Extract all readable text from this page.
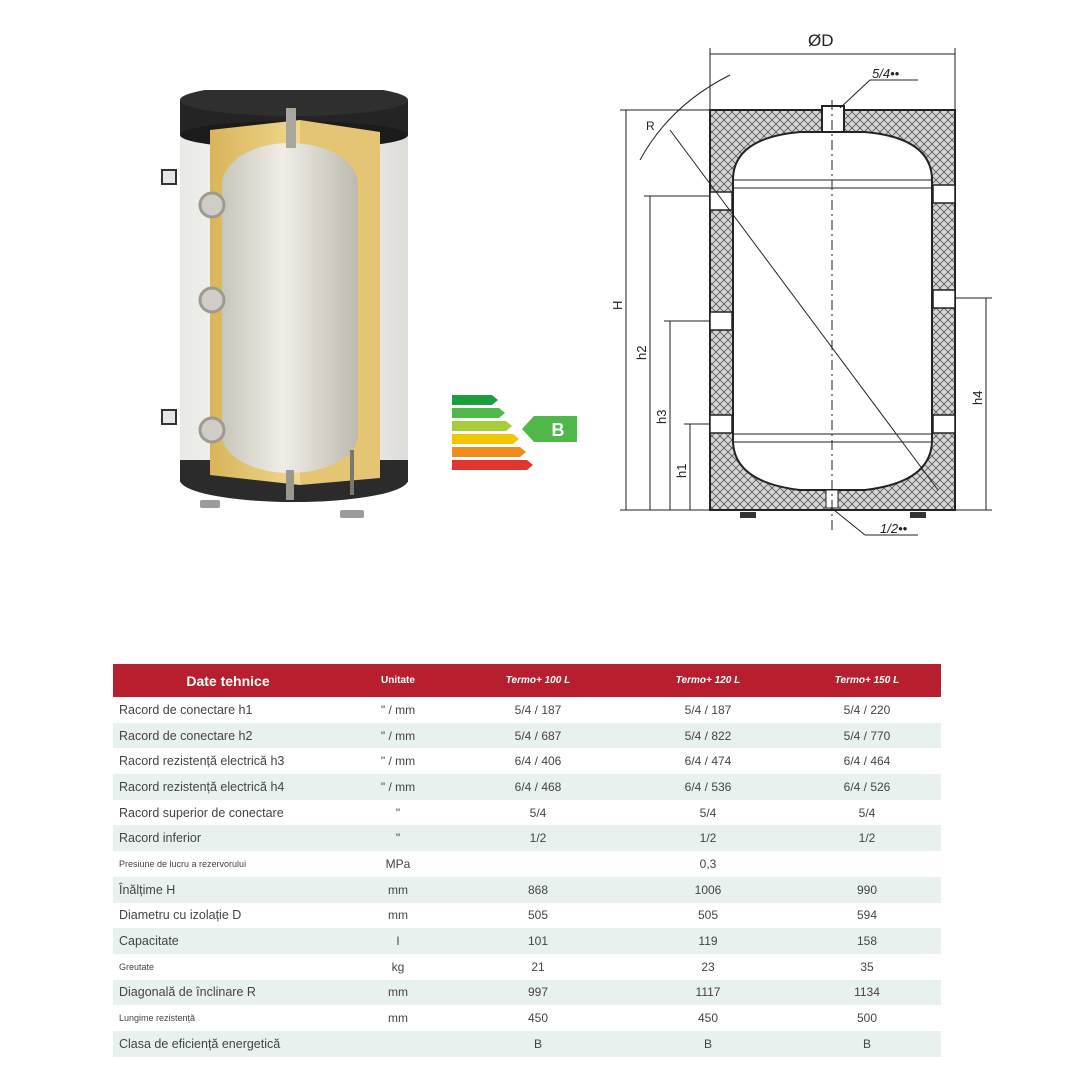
B
ØD
5/4••
1/2••
R
H
h2
h3
h1
h4
Date tehnice	Unitate	Termo+ 100 L	Termo+ 120 L	Termo+ 150 L
Racord de conectare h1	" / mm	5/4 / 187	5/4 / 187	5/4 / 220
Racord de conectare h2	" / mm	5/4 / 687	5/4 / 822	5/4 / 770
Racord rezistență electrică h3	" / mm	6/4 / 406	6/4 / 474	6/4 / 464
Racord rezistență electrică h4	" / mm	6/4 / 468	6/4 / 536	6/4 / 526
Racord superior de conectare	"	5/4	5/4	5/4
Racord inferior	"	1/2	1/2	1/2
Presiune de lucru a rezervorului	MPa		0,3	
Înălțime H	mm	868	1006	990
Diametru cu izolație D	mm	505	505	594
Capacitate	l	101	119	158
Greutate	kg	21	23	35
Diagonală de înclinare R	mm	997	1117	1134
Lungime rezistență	mm	450	450	500
Clasa de eficiență energetică		B	B	B
